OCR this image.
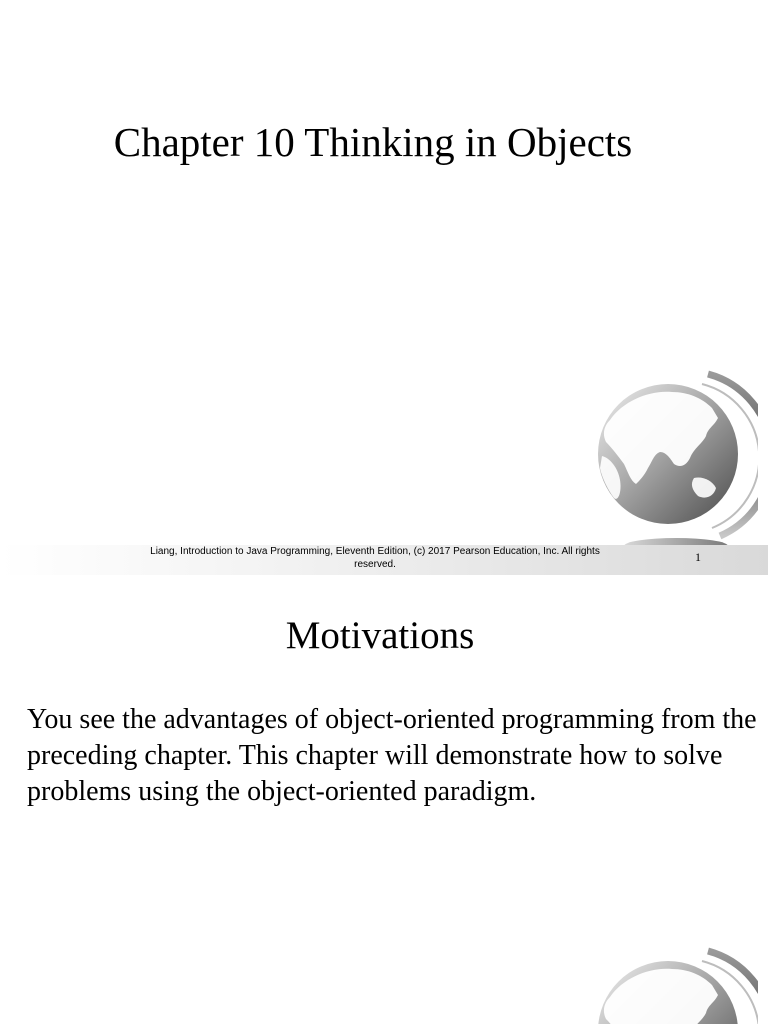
Chapter 10 Thinking in Objects
Liang, Introduction to Java Programming, Eleventh Edition, (c) 2017 Pearson Education, Inc. All rights reserved.
1
Motivations
You see the advantages of object-oriented programming from the preceding chapter. This chapter will demonstrate how to solve problems using the object-oriented paradigm.
